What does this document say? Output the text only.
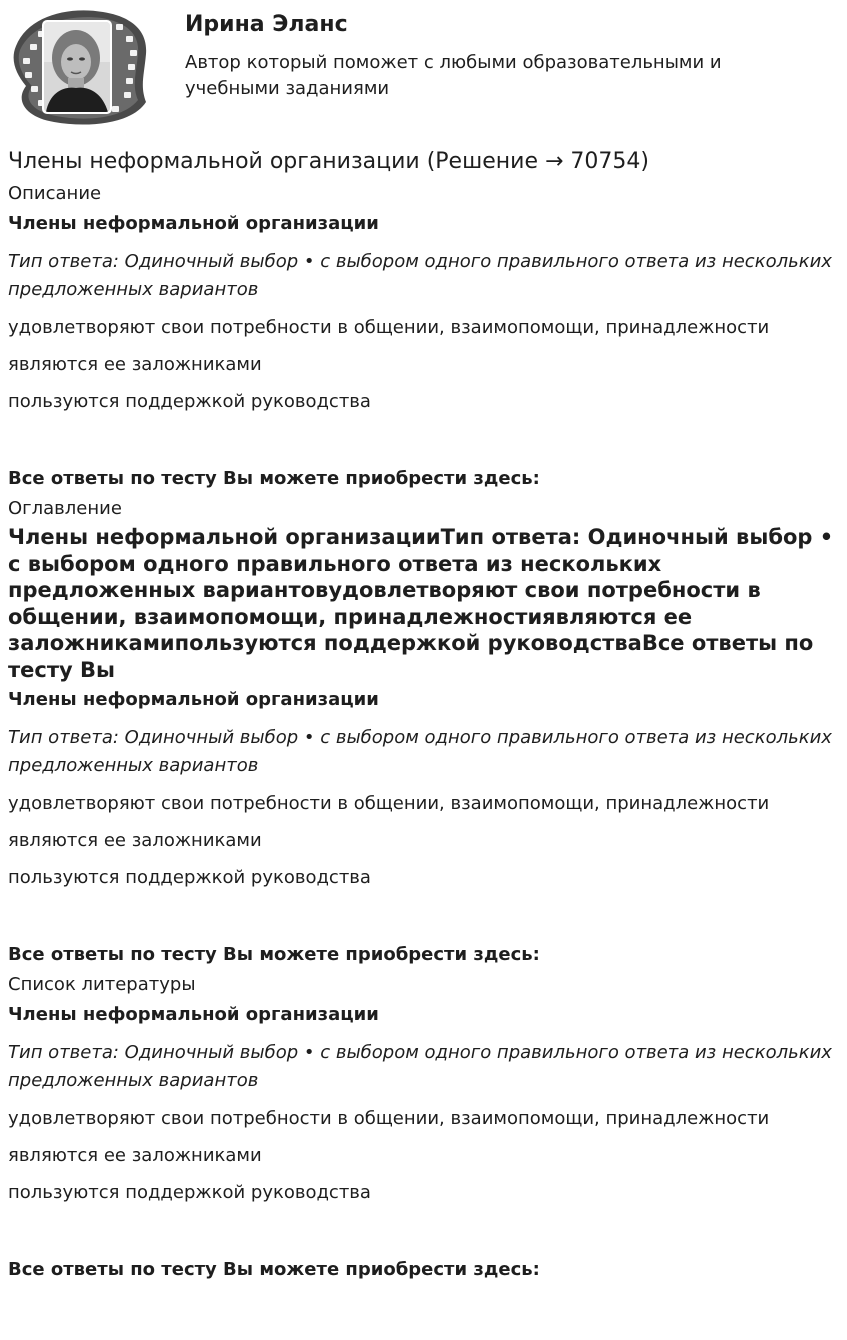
Ирина Эланс

Автор который поможет с любыми образовательными и учебными заданиями

Члены неформальной организации (Решение → 70754)
Описание
Члены неформальной организации
Тип ответа: Одиночный выбор • с выбором одного правильного ответа из нескольких предложенных вариантов
удовлетворяют свои потребности в общении, взаимопомощи, принадлежности
являются ее заложниками
пользуются поддержкой руководства
Все ответы по тесту Вы можете приобрести здесь:
Оглавление
Члены неформальной организацииТип ответа: Одиночный выбор • с выбором одного правильного ответа из нескольких предложенных вариантовудовлетворяют свои потребности в общении, взаимопомощи, принадлежностиявляются ее заложникамипользуются поддержкой руководстваВсе ответы по тесту Вы
Члены неформальной организации
Тип ответа: Одиночный выбор • с выбором одного правильного ответа из нескольких предложенных вариантов
удовлетворяют свои потребности в общении, взаимопомощи, принадлежности
являются ее заложниками
пользуются поддержкой руководства
Все ответы по тесту Вы можете приобрести здесь:
Список литературы
Члены неформальной организации
Тип ответа: Одиночный выбор • с выбором одного правильного ответа из нескольких предложенных вариантов
удовлетворяют свои потребности в общении, взаимопомощи, принадлежности
являются ее заложниками
пользуются поддержкой руководства
Все ответы по тесту Вы можете приобрести здесь:
